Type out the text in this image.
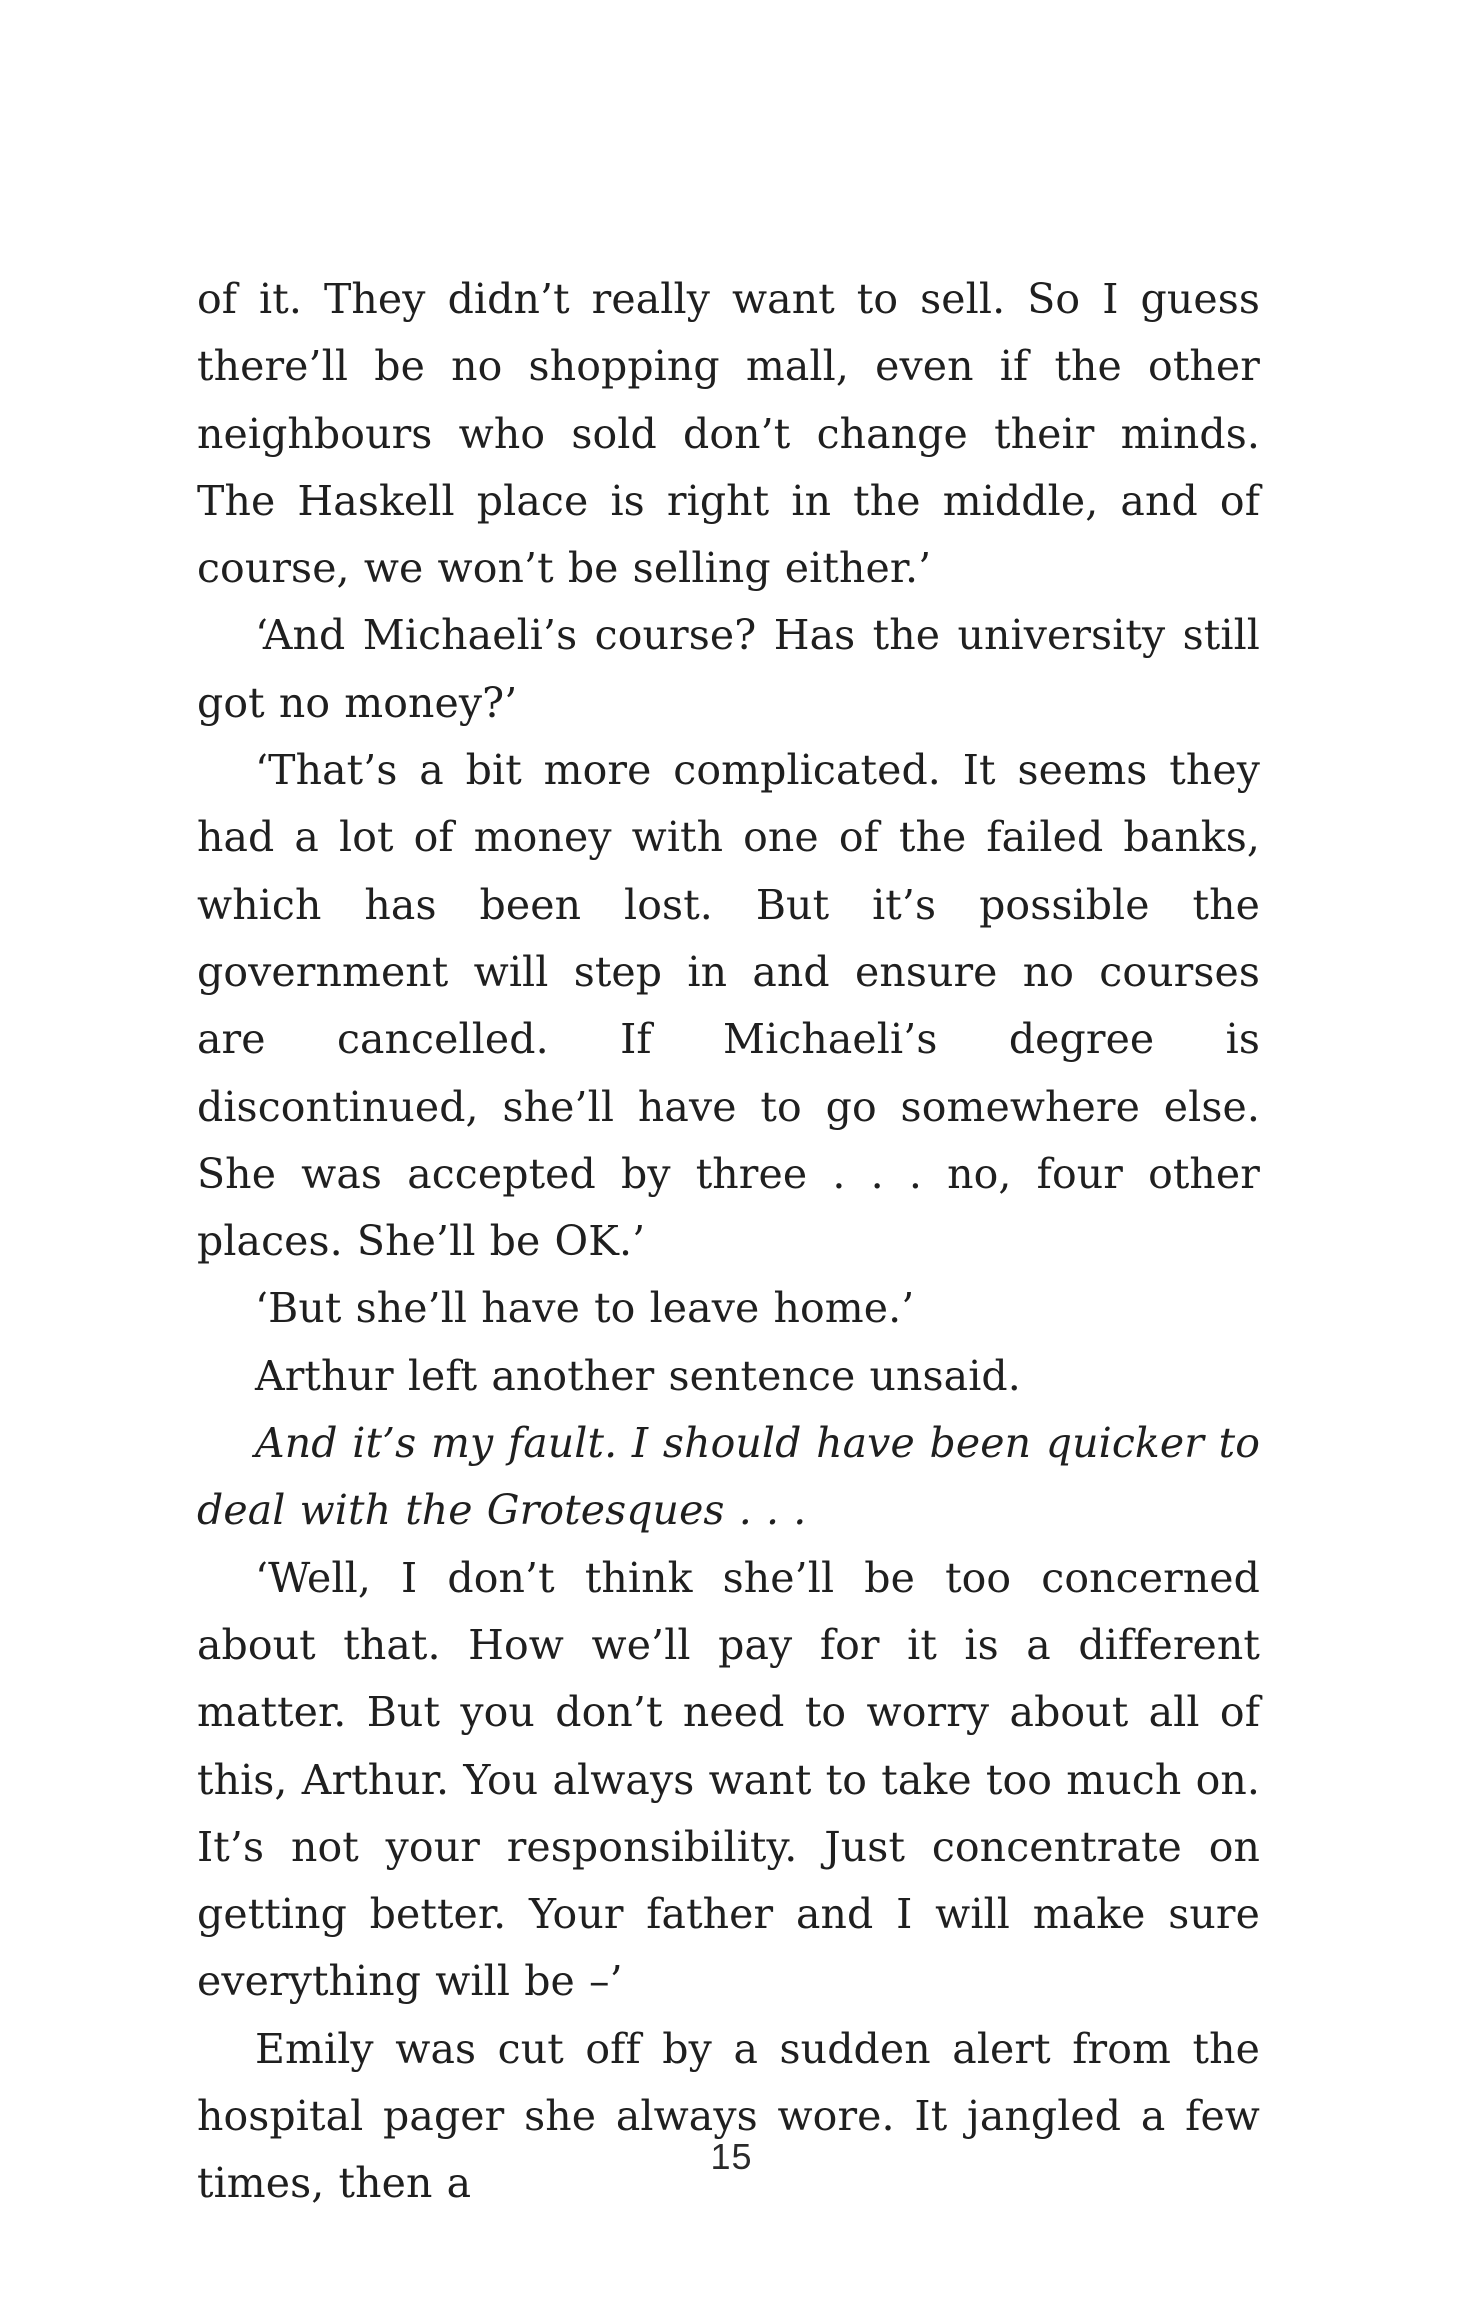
of it. They didn’t really want to sell. So I guess there’ll be no shopping mall, even if the other neighbours who sold don’t change their minds. The Haskell place is right in the middle, and of course, we won’t be selling either.’

‘And Michaeli’s course? Has the university still got no money?’

‘That’s a bit more complicated. It seems they had a lot of money with one of the failed banks, which has been lost. But it’s possible the government will step in and ensure no courses are cancelled. If Michaeli’s degree is discontinued, she’ll have to go somewhere else. She was accepted by three . . . no, four other places. She’ll be OK.’

‘But she’ll have to leave home.’

Arthur left another sentence unsaid.

And it’s my fault. I should have been quicker to deal with the Grotesques . . .

‘Well, I don’t think she’ll be too concerned about that. How we’ll pay for it is a different matter. But you don’t need to worry about all of this, Arthur. You always want to take too much on. It’s not your responsibility. Just concentrate on getting better. Your father and I will make sure everything will be –’

Emily was cut off by a sudden alert from the hospital pager she always wore. It jangled a few times, then a

15
